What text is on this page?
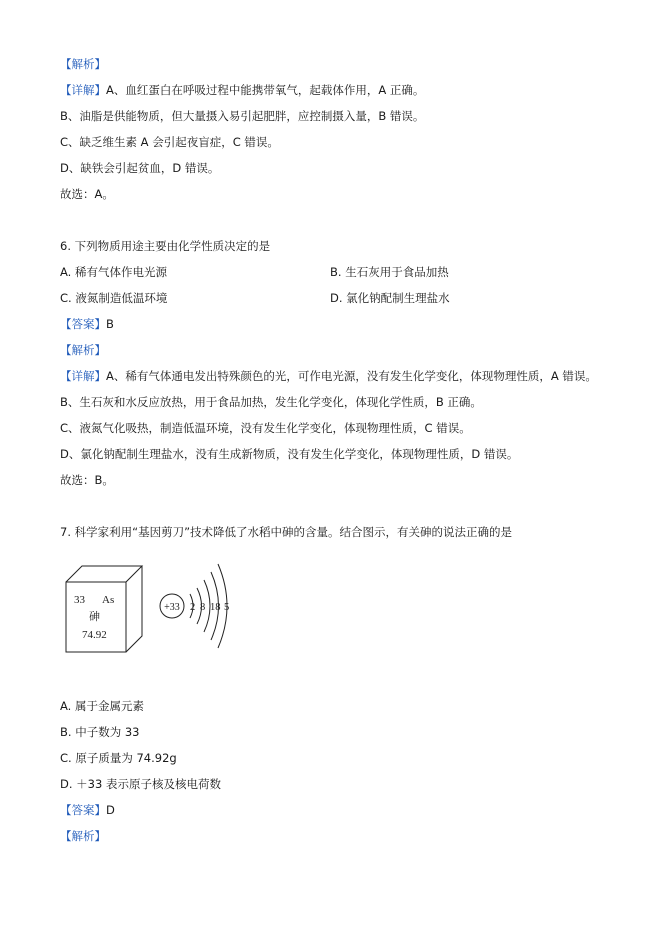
【解析】
【详解】A、血红蛋白在呼吸过程中能携带氧气，起载体作用，A 正确。
B、油脂是供能物质，但大量摄入易引起肥胖，应控制摄入量，B 错误。
C、缺乏维生素 A 会引起夜盲症，C 错误。
D、缺铁会引起贫血，D 错误。
故选：A。
6. 下列物质用途主要由化学性质决定的是
A. 稀有气体作电光源	B. 生石灰用于食品加热
C. 液氮制造低温环境	D. 氯化钠配制生理盐水
【答案】B
【解析】
【详解】A、稀有气体通电发出特殊颜色的光，可作电光源，没有发生化学变化，体现物理性质，A 错误。
B、生石灰和水反应放热，用于食品加热，发生化学变化，体现化学性质，B 正确。
C、液氮气化吸热，制造低温环境，没有发生化学变化，体现物理性质，C 错误。
D、氯化钠配制生理盐水，没有生成新物质，没有发生化学变化，体现物理性质，D 错误。
故选：B。
7. 科学家利用“基因剪刀”技术降低了水稻中砷的含量。结合图示，有关砷的说法正确的是
33 As
砷
74.92
+33 2 8 18 5
A. 属于金属元素
B. 中子数为 33
C. 原子质量为 74.92g
D. ＋33 表示原子核及核电荷数
【答案】D
【解析】
